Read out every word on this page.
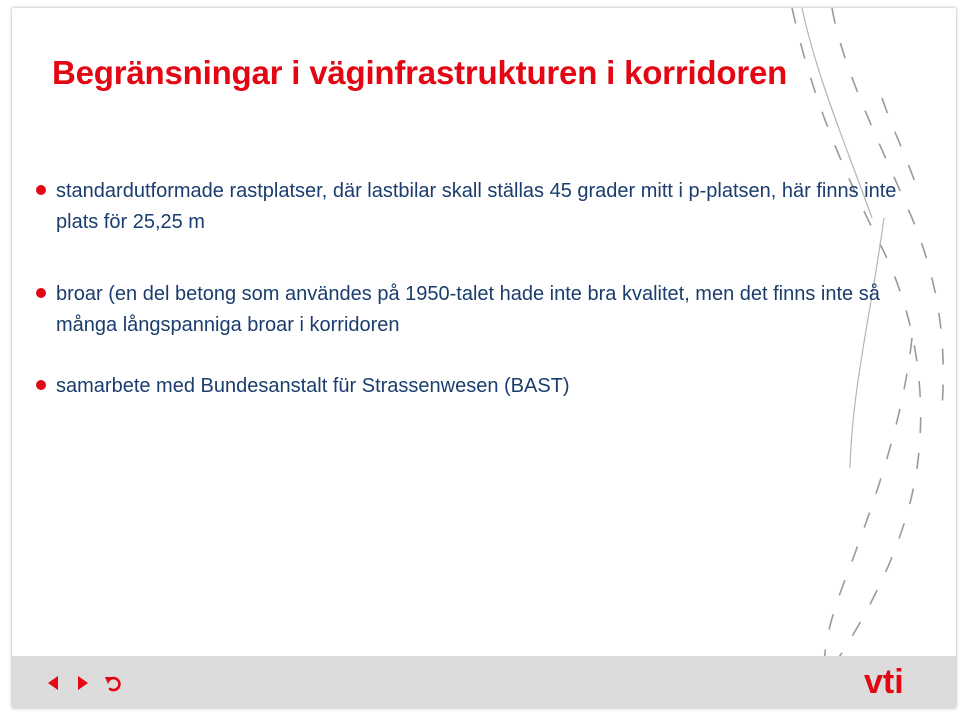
Begränsningar i väginfrastrukturen i korridoren
standardutformade rastplatser, där lastbilar skall ställas 45 grader mitt i p-platsen, här finns inte plats för 25,25 m
broar (en del betong som användes på 1950-talet hade inte bra kvalitet, men det finns inte så många långspanniga broar i korridoren
samarbete med Bundesanstalt für Strassenwesen (BAST)
vti
